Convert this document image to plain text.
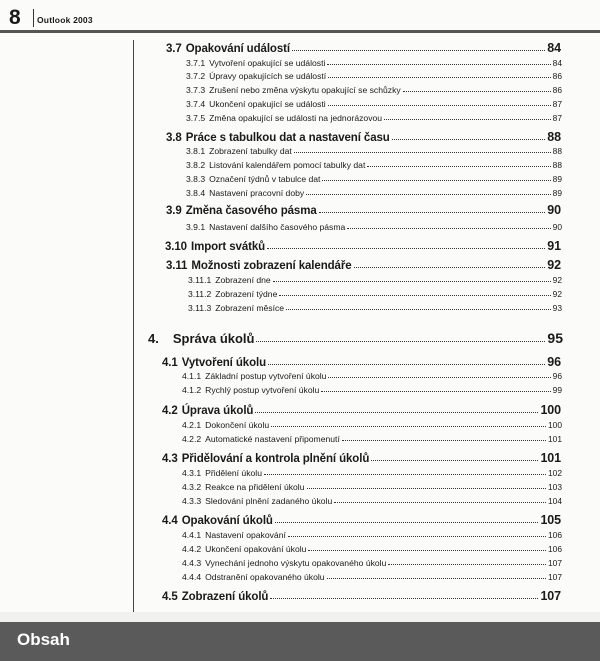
8 Outlook 2003
3.7 Opakování událostí	84
3.7.1 Vytvoření opakující se události	84
3.7.2 Úpravy opakujících se událostí	86
3.7.3 Zrušení nebo změna výskytu opakující se schůzky	86
3.7.4 Ukončení opakující se události	87
3.7.5 Změna opakující se události na jednorázovou	87
3.8 Práce s tabulkou dat a nastavení času	88
3.8.1 Zobrazení tabulky dat	88
3.8.2 Listování kalendářem pomocí tabulky dat	88
3.8.3 Označení týdnů v tabulce dat	89
3.8.4 Nastavení pracovní doby	89
3.9 Změna časového pásma	90
3.9.1 Nastavení dalšího časového pásma	90
3.10 Import svátků	91
3.11 Možnosti zobrazení kalendáře	92
3.11.1 Zobrazení dne	92
3.11.2 Zobrazení týdne	92
3.11.3 Zobrazení měsíce	93
4. Správa úkolů	95
4.1 Vytvoření úkolu	96
4.1.1 Základní postup vytvoření úkolu	96
4.1.2 Rychlý postup vytvoření úkolu	99
4.2 Úprava úkolů	100
4.2.1 Dokončení úkolu	100
4.2.2 Automatické nastavení připomenutí	101
4.3 Přidělování a kontrola plnění úkolů	101
4.3.1 Přidělení úkolu	102
4.3.2 Reakce na přidělení úkolu	103
4.3.3 Sledování plnění zadaného úkolu	104
4.4 Opakování úkolů	105
4.4.1 Nastavení opakování	106
4.4.2 Ukončení opakování úkolu	106
4.4.3 Vynechání jednoho výskytu opakovaného úkolu	107
4.4.4 Odstranění opakovaného úkolu	107
4.5 Zobrazení úkolů	107
Obsah
